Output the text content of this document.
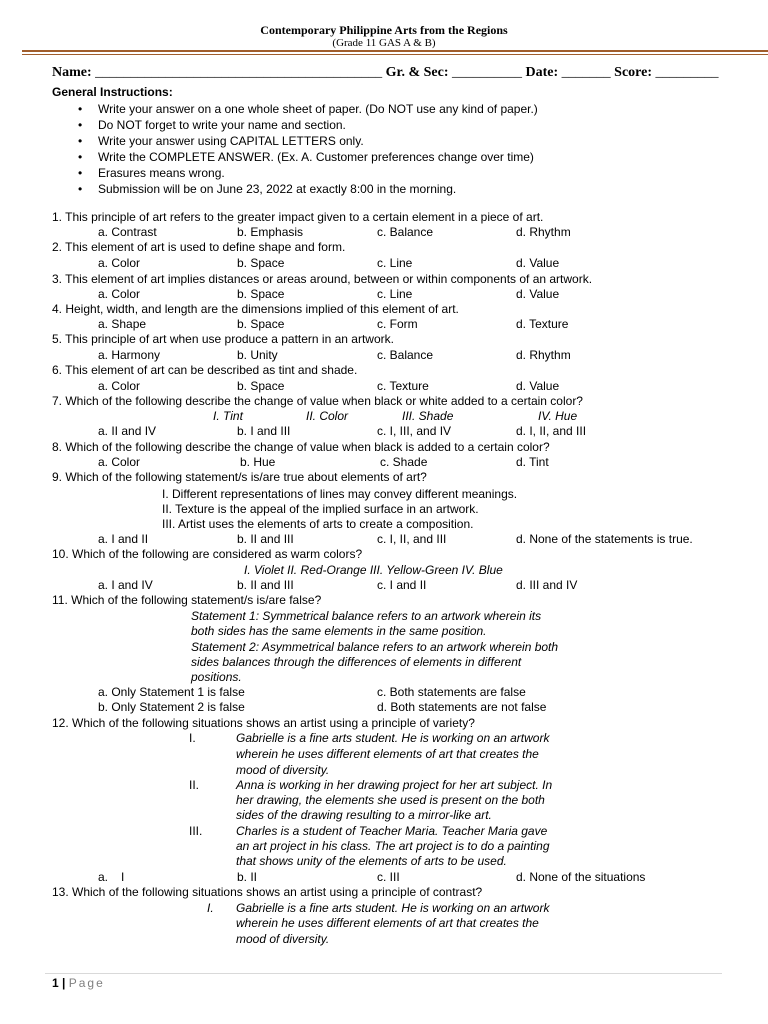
Contemporary Philippine Arts from the Regions
(Grade 11 GAS A & B)
Name: _________________________________________ Gr. & Sec: __________ Date: _______ Score: _________
General Instructions:
• Write your answer on a one whole sheet of paper. (Do NOT use any kind of paper.)
• Do NOT forget to write your name and section.
• Write your answer using CAPITAL LETTERS only.
• Write the COMPLETE ANSWER. (Ex. A. Customer preferences change over time)
• Erasures means wrong.
• Submission will be on June 23, 2022 at exactly 8:00 in the morning.
1. This principle of art refers to the greater impact given to a certain element in a piece of art.
a. Contrast	b. Emphasis	c. Balance	d. Rhythm
2. This element of art is used to define shape and form.
a. Color	b. Space	c. Line	d. Value
3. This element of art implies distances or areas around, between or within components of an artwork.
a. Color	b. Space	c. Line	d. Value
4. Height, width, and length are the dimensions implied of this element of art.
a. Shape	b. Space	c. Form	d. Texture
5. This principle of art when use produce a pattern in an artwork.
a. Harmony	b. Unity	c. Balance	d. Rhythm
6. This element of art can be described as tint and shade.
a. Color	b. Space	c. Texture	d. Value
7. Which of the following describe the change of value when black or white added to a certain color?
I. Tint	II. Color	III. Shade	IV. Hue
a. II and IV	b. I and III	c. I, III, and IV	d. I, II, and III
8. Which of the following describe the change of value when black is added to a certain color?
a. Color	b. Hue	c. Shade	d. Tint
9. Which of the following statement/s is/are true about elements of art?
I. Different representations of lines may convey different meanings.
II. Texture is the appeal of the implied surface in an artwork.
III. Artist uses the elements of arts to create a composition.
a. I and II	b. II and III	c. I, II, and III	d. None of the statements is true.
10. Which of the following are considered as warm colors?
I. Violet II. Red-Orange III. Yellow-Green IV. Blue
a. I and IV	b. II and III	c. I and II	d. III and IV
11. Which of the following statement/s is/are false?
Statement 1: Symmetrical balance refers to an artwork wherein its
both sides has the same elements in the same position.
Statement 2: Asymmetrical balance refers to an artwork wherein both
sides balances through the differences of elements in different
positions.
a. Only Statement 1 is false	c. Both statements are false
b. Only Statement 2 is false	d. Both statements are not false
12. Which of the following situations shows an artist using a principle of variety?
I.	Gabrielle is a fine arts student. He is working on an artwork
wherein he uses different elements of art that creates the
mood of diversity.
II.	Anna is working in her drawing project for her art subject. In
her drawing, the elements she used is present on the both
sides of the drawing resulting to a mirror-like art.
III.	Charles is a student of Teacher Maria. Teacher Maria gave
an art project in his class. The art project is to do a painting
that shows unity of the elements of arts to be used.
a. I	b. II	c. III	d. None of the situations
13. Which of the following situations shows an artist using a principle of contrast?
I. Gabrielle is a fine arts student. He is working on an artwork
wherein he uses different elements of art that creates the
mood of diversity.
1 | Page
